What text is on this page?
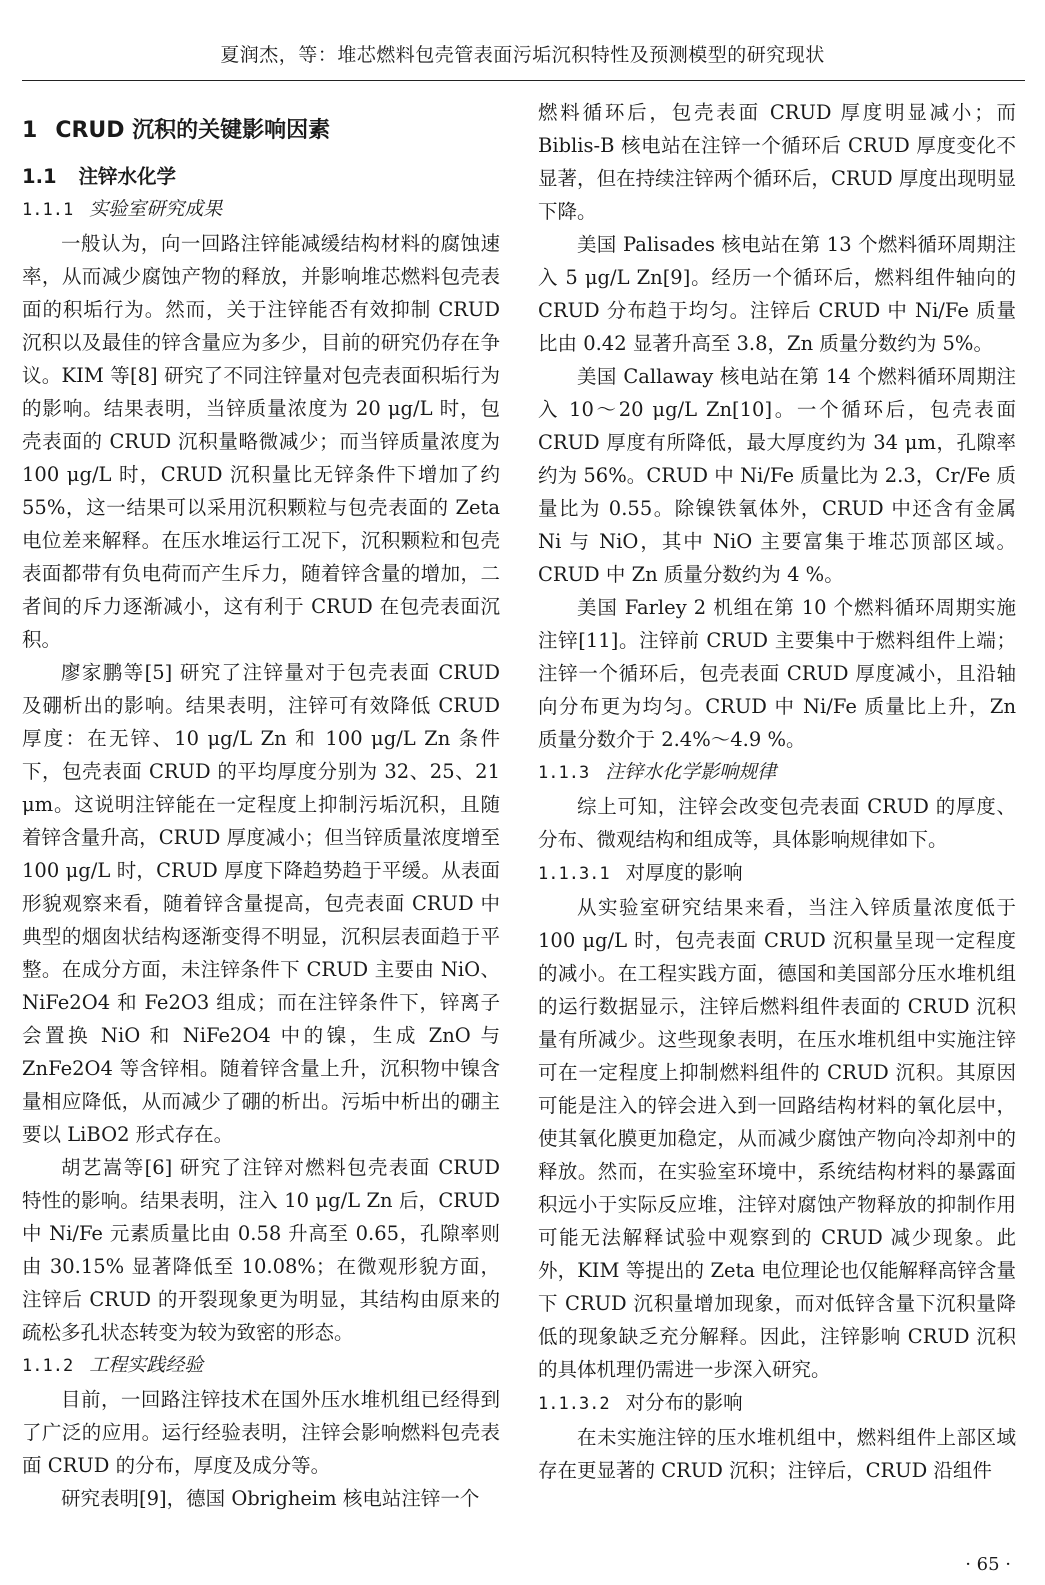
夏润杰，等：堆芯燃料包壳管表面污垢沉积特性及预测模型的研究现状
1 CRUD 沉积的关键影响因素
1.1 注锌水化学
1.1.1 实验室研究成果

一般认为，向一回路注锌能减缓结构材料的腐蚀速率，从而减少腐蚀产物的释放，并影响堆芯燃料包壳表面的积垢行为。然而，关于注锌能否有效抑制 CRUD 沉积以及最佳的锌含量应为多少，目前的研究仍存在争议。KIM 等[8] 研究了不同注锌量对包壳表面积垢行为的影响。结果表明，当锌质量浓度为 20 μg/L 时，包壳表面的 CRUD 沉积量略微减少；而当锌质量浓度为 100 μg/L 时，CRUD 沉积量比无锌条件下增加了约 55%，这一结果可以采用沉积颗粒与包壳表面的 Zeta 电位差来解释。在压水堆运行工况下，沉积颗粒和包壳表面都带有负电荷而产生斥力，随着锌含量的增加，二者间的斥力逐渐减小，这有利于 CRUD 在包壳表面沉积。

廖家鹏等[5] 研究了注锌量对于包壳表面 CRUD 及硼析出的影响。结果表明，注锌可有效降低 CRUD 厚度：在无锌、10 μg/L Zn 和 100 μg/L Zn 条件下，包壳表面 CRUD 的平均厚度分别为 32、25、21 μm。这说明注锌能在一定程度上抑制污垢沉积，且随着锌含量升高，CRUD 厚度减小；但当锌质量浓度增至 100 μg/L 时，CRUD 厚度下降趋势趋于平缓。从表面形貌观察来看，随着锌含量提高，包壳表面 CRUD 中典型的烟囱状结构逐渐变得不明显，沉积层表面趋于平整。在成分方面，未注锌条件下 CRUD 主要由 NiO、NiFe2O4 和 Fe2O3 组成；而在注锌条件下，锌离子会置换 NiO 和 NiFe2O4 中的镍，生成 ZnO 与 ZnFe2O4 等含锌相。随着锌含量上升，沉积物中镍含量相应降低，从而减少了硼的析出。污垢中析出的硼主要以 LiBO2 形式存在。

胡艺嵩等[6] 研究了注锌对燃料包壳表面 CRUD 特性的影响。结果表明，注入 10 μg/L Zn 后，CRUD 中 Ni/Fe 元素质量比由 0.58 升高至 0.65，孔隙率则由 30.15% 显著降低至 10.08%；在微观形貌方面，注锌后 CRUD 的开裂现象更为明显，其结构由原来的疏松多孔状态转变为较为致密的形态。

1.1.2 工程实践经验

目前，一回路注锌技术在国外压水堆机组已经得到了广泛的应用。运行经验表明，注锌会影响燃料包壳表面 CRUD 的分布，厚度及成分等。

研究表明[9]，德国 Obrigheim 核电站注锌一个

燃料循环后，包壳表面 CRUD 厚度明显减小；而 Biblis-B 核电站在注锌一个循环后 CRUD 厚度变化不显著，但在持续注锌两个循环后，CRUD 厚度出现明显下降。

美国 Palisades 核电站在第 13 个燃料循环周期注入 5 μg/L Zn[9]。经历一个循环后，燃料组件轴向的 CRUD 分布趋于均匀。注锌后 CRUD 中 Ni/Fe 质量比由 0.42 显著升高至 3.8，Zn 质量分数约为 5%。

美国 Callaway 核电站在第 14 个燃料循环周期注入 10～20 μg/L Zn[10]。一个循环后，包壳表面 CRUD 厚度有所降低，最大厚度约为 34 μm，孔隙率约为 56%。CRUD 中 Ni/Fe 质量比为 2.3，Cr/Fe 质量比为 0.55。除镍铁氧体外，CRUD 中还含有金属 Ni 与 NiO，其中 NiO 主要富集于堆芯顶部区域。CRUD 中 Zn 质量分数约为 4 %。

美国 Farley 2 机组在第 10 个燃料循环周期实施注锌[11]。注锌前 CRUD 主要集中于燃料组件上端；注锌一个循环后，包壳表面 CRUD 厚度减小，且沿轴向分布更为均匀。CRUD 中 Ni/Fe 质量比上升，Zn 质量分数介于 2.4%～4.9 %。

1.1.3 注锌水化学影响规律

综上可知，注锌会改变包壳表面 CRUD 的厚度、分布、微观结构和组成等，具体影响规律如下。

1.1.3.1 对厚度的影响

从实验室研究结果来看，当注入锌质量浓度低于 100 μg/L 时，包壳表面 CRUD 沉积量呈现一定程度的减小。在工程实践方面，德国和美国部分压水堆机组的运行数据显示，注锌后燃料组件表面的 CRUD 沉积量有所减少。这些现象表明，在压水堆机组中实施注锌可在一定程度上抑制燃料组件的 CRUD 沉积。其原因可能是注入的锌会进入到一回路结构材料的氧化层中，使其氧化膜更加稳定，从而减少腐蚀产物向冷却剂中的释放。然而，在实验室环境中，系统结构材料的暴露面积远小于实际反应堆，注锌对腐蚀产物释放的抑制作用可能无法解释试验中观察到的 CRUD 减少现象。此外，KIM 等提出的 Zeta 电位理论也仅能解释高锌含量下 CRUD 沉积量增加现象，而对低锌含量下沉积量降低的现象缺乏充分解释。因此，注锌影响 CRUD 沉积的具体机理仍需进一步深入研究。

1.1.3.2 对分布的影响

在未实施注锌的压水堆机组中，燃料组件上部区域存在更显著的 CRUD 沉积；注锌后，CRUD 沿组件

· 65 ·
